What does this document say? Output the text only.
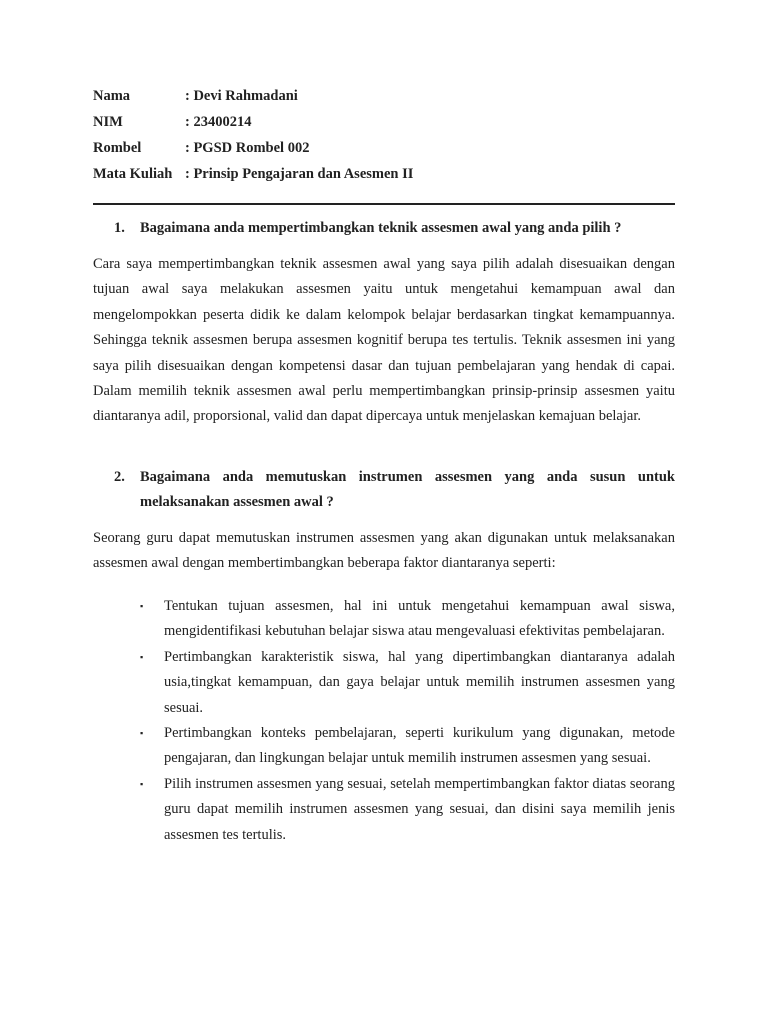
Nama	: Devi Rahmadani
NIM	: 23400214
Rombel	: PGSD Rombel 002
Mata Kuliah : Prinsip Pengajaran dan Asesmen II
1.	Bagaimana anda mempertimbangkan teknik assesmen awal yang anda pilih ?

Cara saya mempertimbangkan teknik assesmen awal yang saya pilih adalah disesuaikan dengan tujuan awal saya melakukan assesmen yaitu untuk mengetahui kemampuan awal dan mengelompokkan peserta didik ke dalam kelompok belajar berdasarkan tingkat kemampuannya. Sehingga teknik assesmen berupa assesmen kognitif berupa tes tertulis. Teknik assesmen ini yang saya pilih disesuaikan dengan kompetensi dasar dan tujuan pembelajaran yang hendak di capai. Dalam memilih teknik assesmen awal perlu mempertimbangkan prinsip-prinsip assesmen yaitu diantaranya adil, proporsional, valid dan dapat dipercaya untuk menjelaskan kemajuan belajar.

2.	Bagaimana anda memutuskan instrumen assesmen yang anda susun untuk melaksanakan assesmen awal ?

Seorang guru dapat memutuskan instrumen assesmen yang akan digunakan untuk melaksanakan assesmen awal dengan membertimbangkan beberapa faktor diantaranya seperti:

▪	Tentukan tujuan assesmen, hal ini untuk mengetahui kemampuan awal siswa, mengidentifikasi kebutuhan belajar siswa atau mengevaluasi efektivitas pembelajaran.
▪	Pertimbangkan karakteristik siswa, hal yang dipertimbangkan diantaranya adalah usia,tingkat kemampuan, dan gaya belajar untuk memilih instrumen assesmen yang sesuai.
▪	Pertimbangkan konteks pembelajaran, seperti kurikulum yang digunakan, metode pengajaran, dan lingkungan belajar untuk memilih instrumen assesmen yang sesuai.
▪	Pilih instrumen assesmen yang sesuai, setelah mempertimbangkan faktor diatas seorang guru dapat memilih instrumen assesmen yang sesuai, dan disini saya memilih jenis assesmen tes tertulis.
